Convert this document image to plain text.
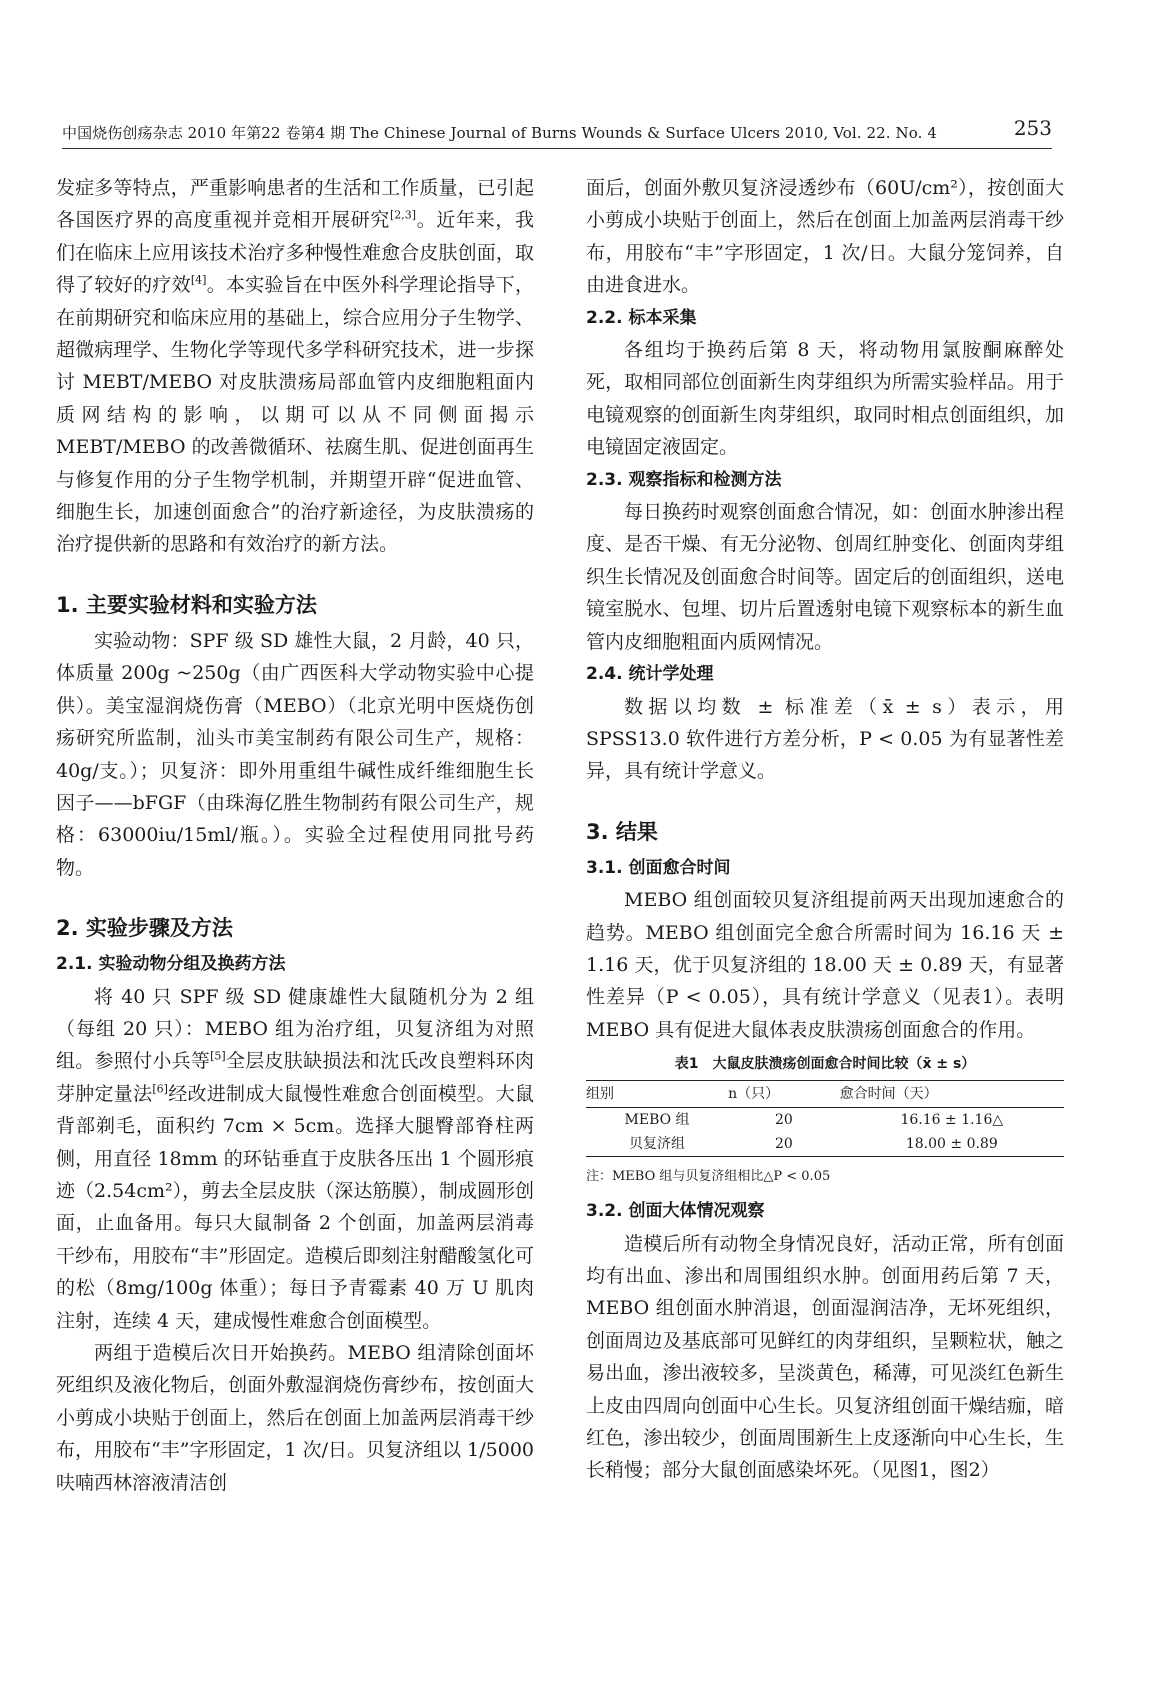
中国烧伤创疡杂志 2010 年第22 卷第4 期 The Chinese Journal of Burns Wounds & Surface Ulcers 2010, Vol. 22. No. 4	253

发症多等特点，严重影响患者的生活和工作质量，已引起各国医疗界的高度重视并竞相开展研究[2,3]。近年来，我们在临床上应用该技术治疗多种慢性难愈合皮肤创面，取得了较好的疗效[4]。本实验旨在中医外科学理论指导下，在前期研究和临床应用的基础上，综合应用分子生物学、超微病理学、生物化学等现代多学科研究技术，进一步探讨 MEBT/MEBO 对皮肤溃疡局部血管内皮细胞粗面内质网结构的影响，以期可以从不同侧面揭示 MEBT/MEBO 的改善微循环、祛腐生肌、促进创面再生与修复作用的分子生物学机制，并期望开辟“促进血管、细胞生长，加速创面愈合”的治疗新途径，为皮肤溃疡的治疗提供新的思路和有效治疗的新方法。

1. 主要实验材料和实验方法

实验动物：SPF 级 SD 雄性大鼠，2 月龄，40 只，体质量 200g ~250g（由广西医科大学动物实验中心提供）。美宝湿润烧伤膏（MEBO）（北京光明中医烧伤创疡研究所监制，汕头市美宝制药有限公司生产，规格：40g/支。）；贝复济：即外用重组牛碱性成纤维细胞生长因子——bFGF（由珠海亿胜生物制药有限公司生产，规格：63000iu/15ml/瓶。）。实验全过程使用同批号药物。

2. 实验步骤及方法
2.1. 实验动物分组及换药方法

将 40 只 SPF 级 SD 健康雄性大鼠随机分为 2 组（每组 20 只）：MEBO 组为治疗组，贝复济组为对照组。参照付小兵等[5]全层皮肤缺损法和沈氏改良塑料环肉芽肿定量法[6]经改进制成大鼠慢性难愈合创面模型。大鼠背部剃毛，面积约 7cm × 5cm。选择大腿臀部脊柱两侧，用直径 18mm 的环钻垂直于皮肤各压出 1 个圆形痕迹（2.54cm²），剪去全层皮肤（深达筋膜），制成圆形创面，止血备用。每只大鼠制备 2 个创面，加盖两层消毒干纱布，用胶布“丰”形固定。造模后即刻注射醋酸氢化可的松（8mg/100g 体重）；每日予青霉素 40 万 U 肌肉注射，连续 4 天，建成慢性难愈合创面模型。

两组于造模后次日开始换药。MEBO 组清除创面坏死组织及液化物后，创面外敷湿润烧伤膏纱布，按创面大小剪成小块贴于创面上，然后在创面上加盖两层消毒干纱布，用胶布“丰”字形固定，1 次/日。贝复济组以 1/5000 呋喃西林溶液清洁创

面后，创面外敷贝复济浸透纱布（60U/cm²），按创面大小剪成小块贴于创面上，然后在创面上加盖两层消毒干纱布，用胶布“丰”字形固定，1 次/日。大鼠分笼饲养，自由进食进水。

2.2. 标本采集

各组均于换药后第 8 天，将动物用氯胺酮麻醉处死，取相同部位创面新生肉芽组织为所需实验样品。用于电镜观察的创面新生肉芽组织，取同时相点创面组织，加电镜固定液固定。

2.3. 观察指标和检测方法

每日换药时观察创面愈合情况，如：创面水肿渗出程度、是否干燥、有无分泌物、创周红肿变化、创面肉芽组织生长情况及创面愈合时间等。固定后的创面组织，送电镜室脱水、包埋、切片后置透射电镜下观察标本的新生血管内皮细胞粗面内质网情况。

2.4. 统计学处理

数据以均数 ± 标准差（x̄ ± s）表示，用 SPSS13.0 软件进行方差分析，P < 0.05 为有显著性差异，具有统计学意义。

3. 结果
3.1. 创面愈合时间

MEBO 组创面较贝复济组提前两天出现加速愈合的趋势。MEBO 组创面完全愈合所需时间为 16.16 天 ± 1.16 天，优于贝复济组的 18.00 天 ± 0.89 天，有显著性差异（P < 0.05），具有统计学意义（见表1）。表明 MEBO 具有促进大鼠体表皮肤溃疡创面愈合的作用。

表1　大鼠皮肤溃疡创面愈合时间比较（x̄ ± s）
组别	n（只）	愈合时间（天）
MEBO 组	20	16.16 ± 1.16△
贝复济组	20	18.00 ± 0.89
注：MEBO 组与贝复济组相比△P < 0.05
3.2. 创面大体情况观察

造模后所有动物全身情况良好，活动正常，所有创面均有出血、渗出和周围组织水肿。创面用药后第 7 天，MEBO 组创面水肿消退，创面湿润洁净，无坏死组织，创面周边及基底部可见鲜红的肉芽组织，呈颗粒状，触之易出血，渗出液较多，呈淡黄色，稀薄，可见淡红色新生上皮由四周向创面中心生长。贝复济组创面干燥结痂，暗红色，渗出较少，创面周围新生上皮逐渐向中心生长，生长稍慢；部分大鼠创面感染坏死。（见图1，图2）
